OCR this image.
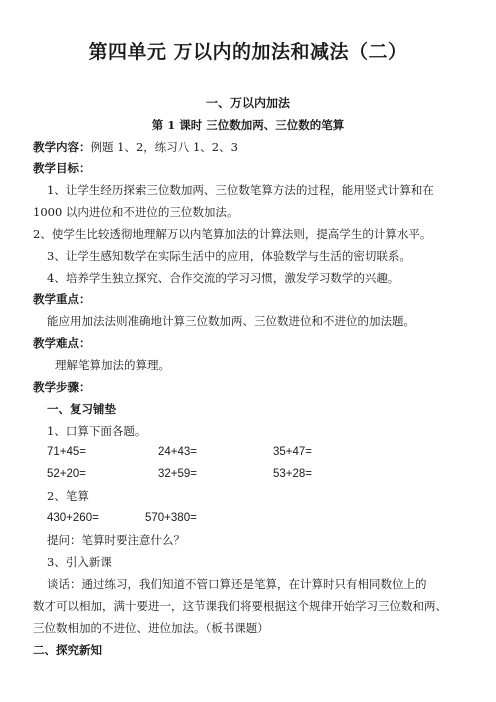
第四单元 万以内的加法和减法（二）
一、万以内加法
第 1 课时 三位数加两、三位数的笔算
教学内容：例题 1、2，练习八 1、2、3
教学目标：
1、让学生经历探索三位数加两、三位数笔算方法的过程，能用竖式计算和在
1000 以内进位和不进位的三位数加法。
2、使学生比较透彻地理解万以内笔算加法的计算法则，提高学生的计算水平。
3、让学生感知数学在实际生活中的应用，体验数学与生活的密切联系。
4、培养学生独立探究、合作交流的学习习惯，激发学习数学的兴趣。
教学重点：
能应用加法法则准确地计算三位数加两、三位数进位和不进位的加法题。
教学难点：
理解笔算加法的算理。
教学步骤：
一、复习铺垫
1、口算下面各题。
71+45=	24+43=	35+47=
52+20=	32+59=	53+28=
2、笔算
430+260=	570+380=
提问：笔算时要注意什么？
3、引入新课
谈话：通过练习，我们知道不管口算还是笔算，在计算时只有相同数位上的
数才可以相加，满十要进一，这节课我们将要根据这个规律开始学习三位数和两、
三位数相加的不进位、进位加法。（板书课题）
二、探究新知
